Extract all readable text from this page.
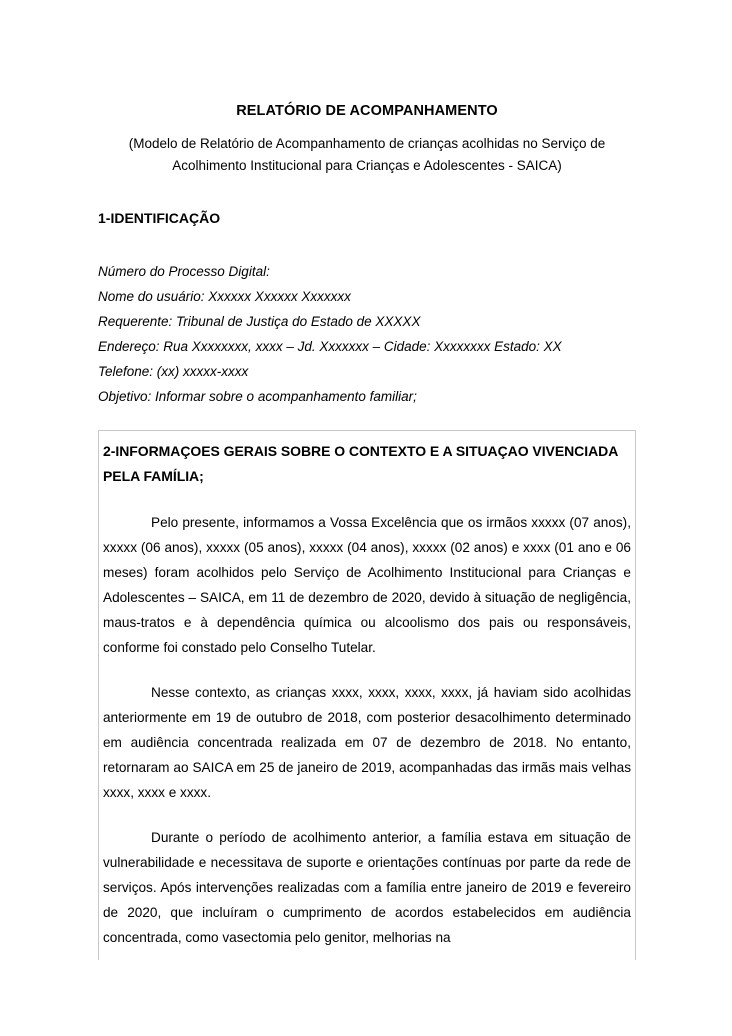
RELATÓRIO DE ACOMPANHAMENTO

(Modelo de Relatório de Acompanhamento de crianças acolhidas no Serviço de Acolhimento Institucional para Crianças e Adolescentes - SAICA)

1-IDENTIFICAÇÃO
Número do Processo Digital:
Nome do usuário: Xxxxxx Xxxxxx Xxxxxxx
Requerente: Tribunal de Justiça do Estado de XXXXX
Endereço: Rua Xxxxxxxx, xxxx – Jd. Xxxxxxx – Cidade: Xxxxxxxx Estado: XX
Telefone: (xx) xxxxx-xxxx
Objetivo: Informar sobre o acompanhamento familiar;
2-INFORMAÇOES GERAIS SOBRE O CONTEXTO E A SITUAÇAO VIVENCIADA PELA FAMÍLIA;

Pelo presente, informamos a Vossa Excelência que os irmãos xxxxx (07 anos), xxxxx (06 anos), xxxxx (05 anos), xxxxx (04 anos), xxxxx (02 anos) e xxxx (01 ano e 06 meses) foram acolhidos pelo Serviço de Acolhimento Institucional para Crianças e Adolescentes – SAICA, em 11 de dezembro de 2020, devido à situação de negligência, maus-tratos e à dependência química ou alcoolismo dos pais ou responsáveis, conforme foi constado pelo Conselho Tutelar.

Nesse contexto, as crianças xxxx, xxxx, xxxx, xxxx, já haviam sido acolhidas anteriormente em 19 de outubro de 2018, com posterior desacolhimento determinado em audiência concentrada realizada em 07 de dezembro de 2018. No entanto, retornaram ao SAICA em 25 de janeiro de 2019, acompanhadas das irmãs mais velhas xxxx, xxxx e xxxx.

Durante o período de acolhimento anterior, a família estava em situação de vulnerabilidade e necessitava de suporte e orientações contínuas por parte da rede de serviços. Após intervenções realizadas com a família entre janeiro de 2019 e fevereiro de 2020, que incluíram o cumprimento de acordos estabelecidos em audiência concentrada, como vasectomia pelo genitor, melhorias na
